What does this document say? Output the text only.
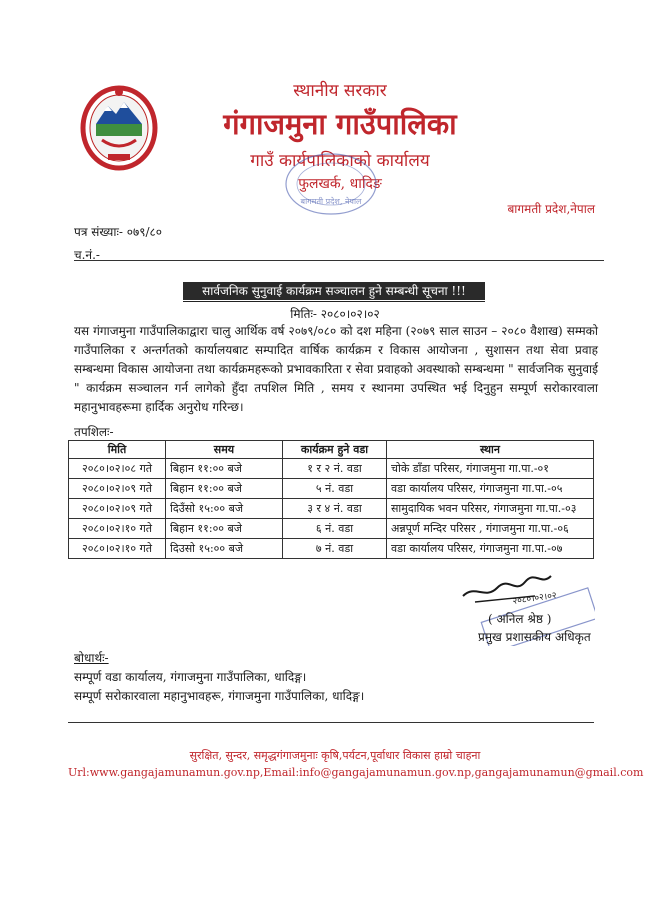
स्थानीय सरकार
गंगाजमुना गाउँपालिका
गाउँ कार्यपालिकाको कार्यालय
फुलखर्क, धादिङ
बागमती प्रदेश, नेपाल
बागमती प्रदेश,नेपाल
पत्र संख्याः- ०७९/८०
च.नं.-
सार्वजनिक सुनुवाई कार्यक्रम सञ्चालन हुने सम्बन्धी सूचना !!!
मितिः- २०८०।०२।०२
यस गंगाजमुना गाउँपालिकाद्वारा चालु आर्थिक वर्ष २०७९/०८० को दश महिना (२०७९ साल साउन – २०८० वैशाख) सम्मको गाउँपालिका र अन्तर्गतको कार्यालयबाट सम्पादित वार्षिक कार्यक्रम र विकास आयोजना , सुशासन तथा सेवा प्रवाह सम्बन्धमा विकास आयोजना तथा कार्यक्रमहरूको प्रभावकारिता र सेवा प्रवाहको अवस्थाको सम्बन्धमा " सार्वजनिक सुनुवाई " कार्यक्रम सञ्चालन गर्न लागेको हुँदा तपशिल मिति , समय र स्थानमा उपस्थित भई दिनुहुन सम्पूर्ण सरोकारवाला महानुभावहरूमा हार्दिक अनुरोध गरिन्छ।
तपशिलः-
मिति	समय	कार्यक्रम हुने वडा	स्थान
२०८०।०२।०८ गते	बिहान ११:०० बजे	१ र २ नं. वडा	चोके डाँडा परिसर, गंगाजमुना गा.पा.-०१
२०८०।०२।०९ गते	बिहान ११:०० बजे	५ नं. वडा	वडा कार्यालय परिसर, गंगाजमुना गा.पा.-०५
२०८०।०२।०९ गते	दिउँसो १५:०० बजे	३ र ४ नं. वडा	सामुदायिक भवन परिसर, गंगाजमुना गा.पा.-०३
२०८०।०२।१० गते	बिहान ११:०० बजे	६ नं. वडा	अन्नपूर्ण मन्दिर परिसर , गंगाजमुना गा.पा.-०६
२०८०।०२।१० गते	दिउसो १५:०० बजे	७ नं. वडा	वडा कार्यालय परिसर, गंगाजमुना गा.पा.-०७
२०८०।०२।०२
( अनिल श्रेष्ठ )
प्रमुख प्रशासकीय अधिकृत
बोधार्थः-
सम्पूर्ण वडा कार्यालय, गंगाजमुना गाउँपालिका, धादिङ्ग।
सम्पूर्ण सरोकारवाला महानुभावहरू, गंगाजमुना गाउँपालिका, धादिङ्ग।
सुरक्षित, सुन्दर, समृद्धगंगाजमुनाः कृषि,पर्यटन,पूर्वाधार विकास हाम्रो चाहना
Url:www.gangajamunamun.gov.np,Email:info@gangajamunamun.gov.np,gangajamunamun@gmail.com
